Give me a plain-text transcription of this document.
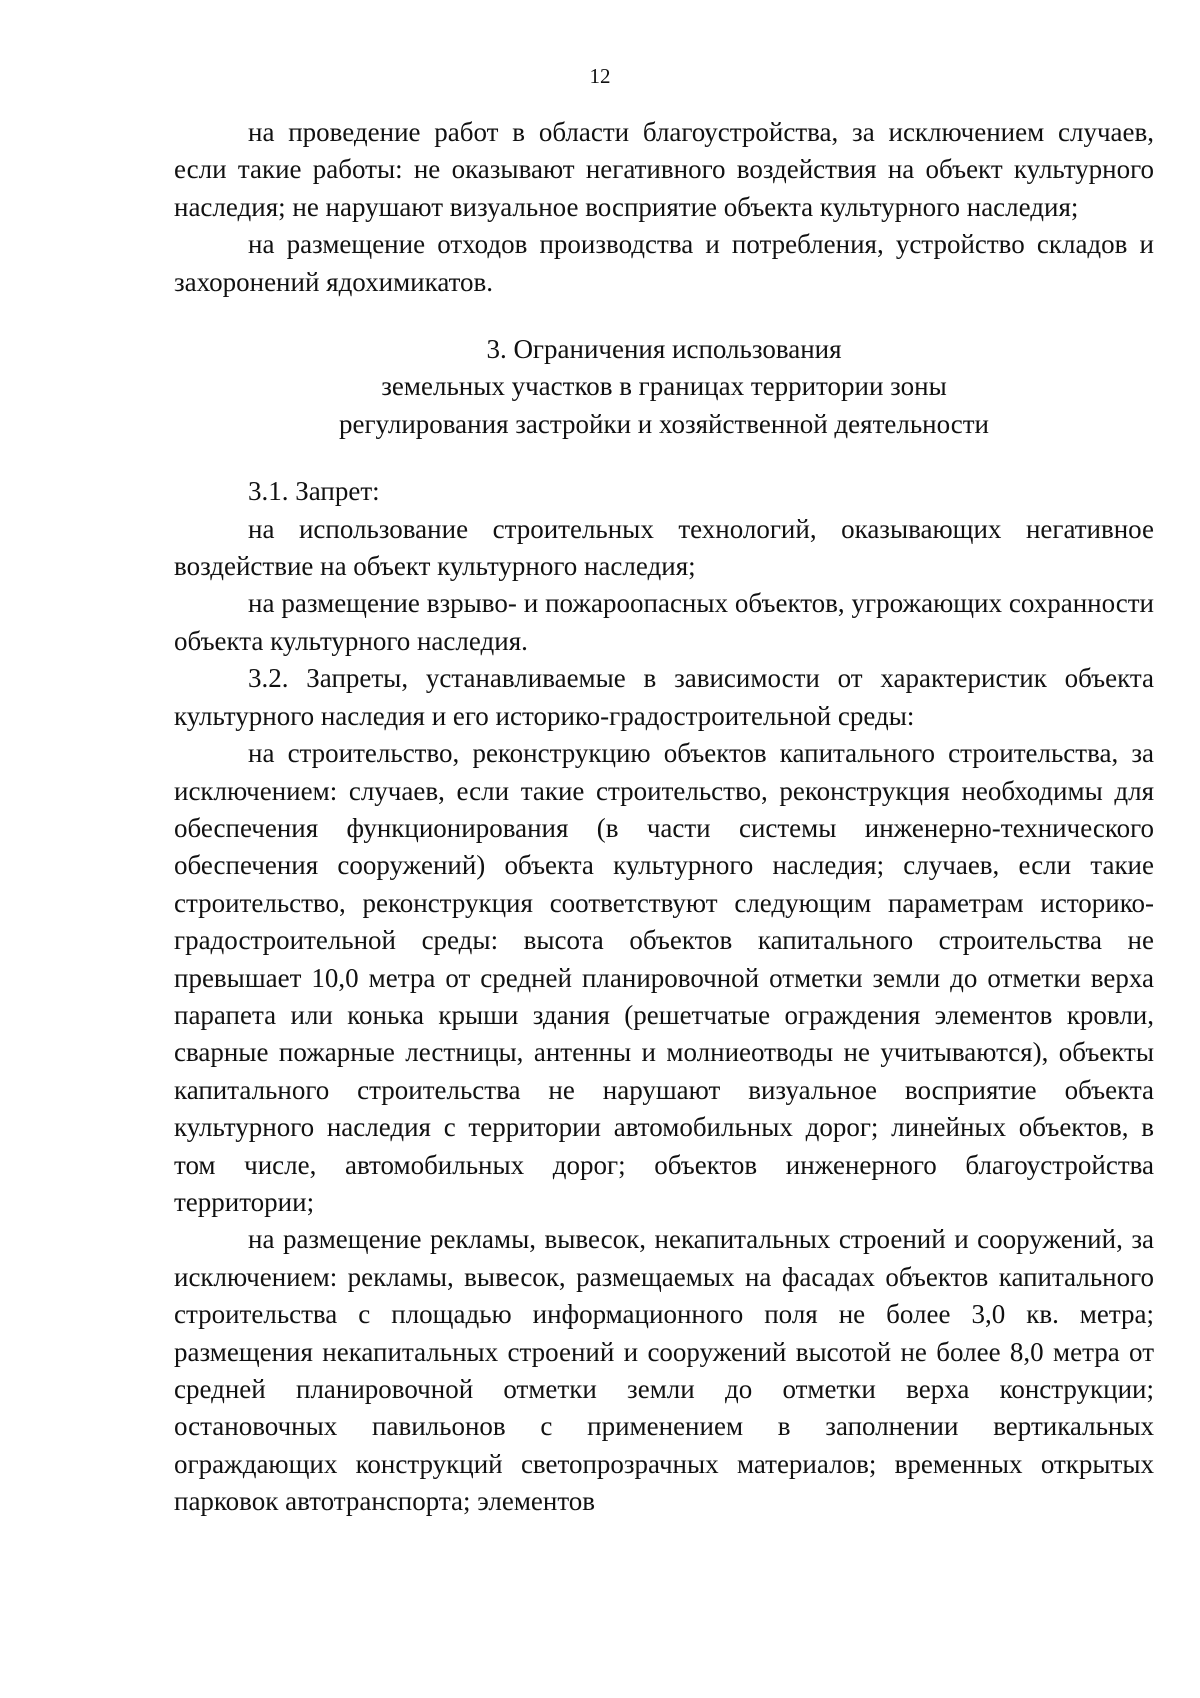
12

на проведение работ в области благоустройства, за исключением случаев, если такие работы: не оказывают негативного воздействия на объект культурного наследия; не нарушают визуальное восприятие объекта культурного наследия;

на размещение отходов производства и потребления, устройство складов и захоронений ядохимикатов.

3. Ограничения использования
земельных участков в границах территории зоны
регулирования застройки и хозяйственной деятельности

3.1. Запрет:

на использование строительных технологий, оказывающих негативное воздействие на объект культурного наследия;

на размещение взрыво- и пожароопасных объектов, угрожающих сохранности объекта культурного наследия.

3.2. Запреты, устанавливаемые в зависимости от характеристик объекта культурного наследия и его историко-градостроительной среды:

на строительство, реконструкцию объектов капитального строительства, за исключением: случаев, если такие строительство, реконструкция необходимы для обеспечения функционирования (в части системы инженерно-технического обеспечения сооружений) объекта культурного наследия; случаев, если такие строительство, реконструкция соответствуют следующим параметрам историко-градостроительной среды: высота объектов капитального строительства не превышает 10,0 метра от средней планировочной отметки земли до отметки верха парапета или конька крыши здания (решетчатые ограждения элементов кровли, сварные пожарные лестницы, антенны и молниеотводы не учитываются), объекты капитального строительства не нарушают визуальное восприятие объекта культурного наследия с территории автомобильных дорог; линейных объектов, в том числе, автомобильных дорог; объектов инженерного благоустройства территории;

на размещение рекламы, вывесок, некапитальных строений и сооружений, за исключением: рекламы, вывесок, размещаемых на фасадах объектов капитального строительства с площадью информационного поля не более 3,0 кв. метра; размещения некапитальных строений и сооружений высотой не более 8,0 метра от средней планировочной отметки земли до отметки верха конструкции; остановочных павильонов с применением в заполнении вертикальных ограждающих конструкций светопрозрачных материалов; временных открытых парковок автотранспорта; элементов
